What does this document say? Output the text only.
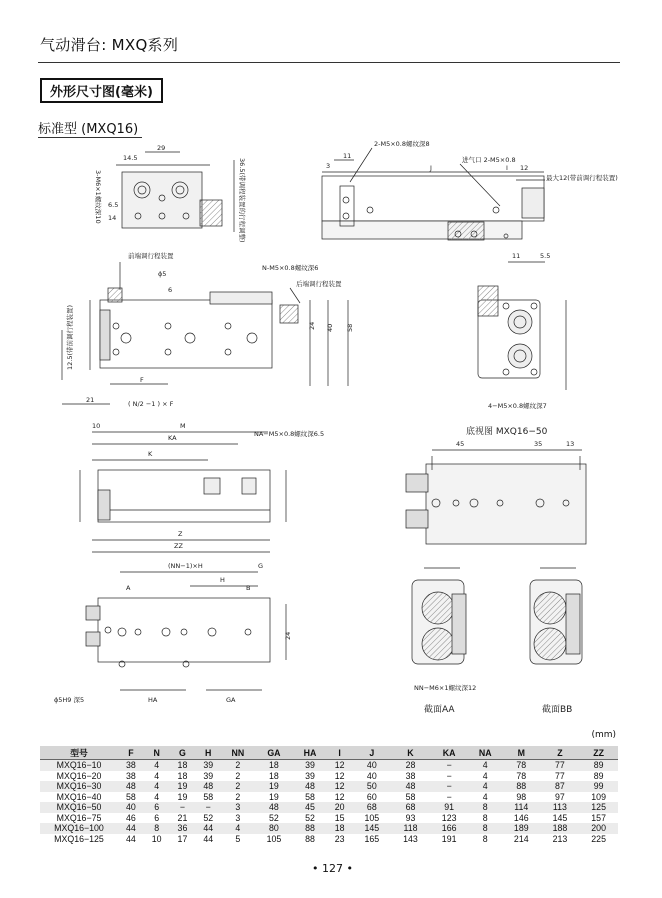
气动滑台: MXQ系列
外形尺寸图(毫米)
标准型 (MXQ16)
14.5
29
6.5
14	36.5(带调程装置的行程调整)
3-M6×1螺纹深10
2-M5×0.8螺纹深8
进气口 2-M5×0.8
最大12(带前调行程装置)
3
11
J	I 12
前端调行程装置
ϕ5
N-M5×0.8螺纹深6
后端调行程装置
6
F
21	( N/2 −1 ) × F
24 40 58
12.5(带前调行程装置)
11	5.5
4−M5×0.8螺纹深7
10	M
KA	NA−M5×0.8螺纹深6.5
K
Z
ZZ
(NN−1)×H
H
G
A	B
HA	GA
ϕ5H9 深5
24
45	35	13
NN−M6×1螺纹深12
底视图 MXQ16−50
截面AA	截面BB
(mm)
型号	F	N	G	H	NN	GA	HA	I	J	K	KA	NA	M	Z	ZZ
MXQ16−10	38	4	18	39	2	18	39	12	40	28	−	4	78	77	89
MXQ16−20	38	4	18	39	2	18	39	12	40	38	−	4	78	77	89
MXQ16−30	48	4	19	48	2	19	48	12	50	48	−	4	88	87	99
MXQ16−40	58	4	19	58	2	19	58	12	60	58	−	4	98	97	109
MXQ16−50	40	6	−	−	3	48	45	20	68	68	91	8	114	113	125
MXQ16−75	46	6	21	52	3	52	52	15	105	93	123	8	146	145	157
MXQ16−100	44	8	36	44	4	80	88	18	145	118	166	8	189	188	200
MXQ16−125	44	10	17	44	5	105	88	23	165	143	191	8	214	213	225
• 127 •
